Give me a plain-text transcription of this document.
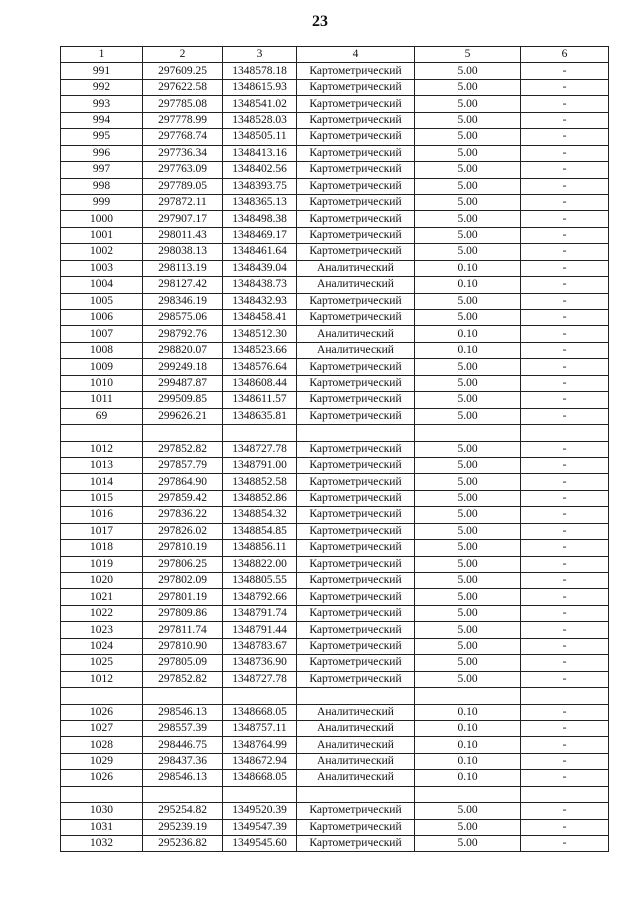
23
1	2	3	4	5	6
991	297609.25	1348578.18	Картометрический	5.00	-
992	297622.58	1348615.93	Картометрический	5.00	-
993	297785.08	1348541.02	Картометрический	5.00	-
994	297778.99	1348528.03	Картометрический	5.00	-
995	297768.74	1348505.11	Картометрический	5.00	-
996	297736.34	1348413.16	Картометрический	5.00	-
997	297763.09	1348402.56	Картометрический	5.00	-
998	297789.05	1348393.75	Картометрический	5.00	-
999	297872.11	1348365.13	Картометрический	5.00	-
1000	297907.17	1348498.38	Картометрический	5.00	-
1001	298011.43	1348469.17	Картометрический	5.00	-
1002	298038.13	1348461.64	Картометрический	5.00	-
1003	298113.19	1348439.04	Аналитический	0.10	-
1004	298127.42	1348438.73	Аналитический	0.10	-
1005	298346.19	1348432.93	Картометрический	5.00	-
1006	298575.06	1348458.41	Картометрический	5.00	-
1007	298792.76	1348512.30	Аналитический	0.10	-
1008	298820.07	1348523.66	Аналитический	0.10	-
1009	299249.18	1348576.64	Картометрический	5.00	-
1010	299487.87	1348608.44	Картометрический	5.00	-
1011	299509.85	1348611.57	Картометрический	5.00	-
69	299626.21	1348635.81	Картометрический	5.00	-

1012	297852.82	1348727.78	Картометрический	5.00	-
1013	297857.79	1348791.00	Картометрический	5.00	-
1014	297864.90	1348852.58	Картометрический	5.00	-
1015	297859.42	1348852.86	Картометрический	5.00	-
1016	297836.22	1348854.32	Картометрический	5.00	-
1017	297826.02	1348854.85	Картометрический	5.00	-
1018	297810.19	1348856.11	Картометрический	5.00	-
1019	297806.25	1348822.00	Картометрический	5.00	-
1020	297802.09	1348805.55	Картометрический	5.00	-
1021	297801.19	1348792.66	Картометрический	5.00	-
1022	297809.86	1348791.74	Картометрический	5.00	-
1023	297811.74	1348791.44	Картометрический	5.00	-
1024	297810.90	1348783.67	Картометрический	5.00	-
1025	297805.09	1348736.90	Картометрический	5.00	-
1012	297852.82	1348727.78	Картометрический	5.00	-

1026	298546.13	1348668.05	Аналитический	0.10	-
1027	298557.39	1348757.11	Аналитический	0.10	-
1028	298446.75	1348764.99	Аналитический	0.10	-
1029	298437.36	1348672.94	Аналитический	0.10	-
1026	298546.13	1348668.05	Аналитический	0.10	-

1030	295254.82	1349520.39	Картометрический	5.00	-
1031	295239.19	1349547.39	Картометрический	5.00	-
1032	295236.82	1349545.60	Картометрический	5.00	-
